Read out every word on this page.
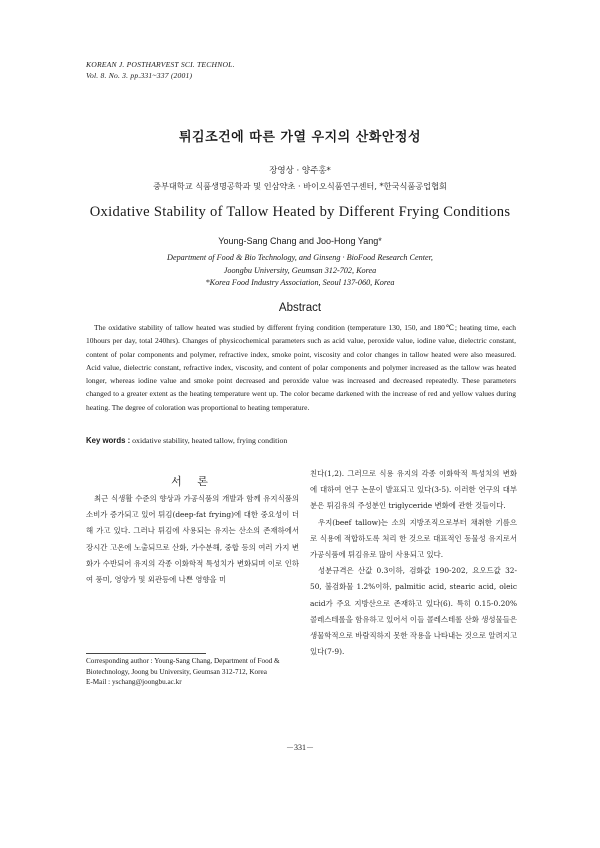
KOREAN J. POSTHARVEST SCI. TECHNOL.
Vol. 8. No. 3. pp.331~337 (2001)
튀김조건에 따른 가열 우지의 산화안정성
장영상 · 양주홍*
중부대학교 식품생명공학과 및 인삼약초 · 바이오식품연구센터, *한국식품공업협회
Oxidative Stability of Tallow Heated by Different Frying Conditions
Young-Sang Chang and Joo-Hong Yang*
Department of Food & Bio Technology, and Ginseng · BioFood Research Center,
Joongbu University, Geumsan 312-702, Korea
*Korea Food Industry Association, Seoul 137-060, Korea
Abstract
The oxidative stability of tallow heated was studied by different frying condition (temperature 130, 150, and 180℃; heating time, each 10hours per day, total 240hrs). Changes of physicochemical parameters such as acid value, peroxide value, iodine value, dielectric constant, content of polar components and polymer, refractive index, smoke point, viscosity and color changes in tallow heated were also measured. Acid value, dielectric constant, refractive index, viscosity, and content of polar components and polymer increased as the tallow was heated longer, whereas iodine value and smoke point decreased and peroxide value was increased and decreased repeatedly. These parameters changed to a greater extent as the heating temperature went up. The color became darkened with the increase of red and yellow values during heating. The degree of coloration was proportional to heating temperature.
Key words : oxidative stability, heated tallow, frying condition
서 론

최근 식생활 수준의 향상과 가공식품의 개발과 함께 유지식품의 소비가 증가되고 있어 튀김(deep-fat frying)에 대한 중요성이 더 해 가고 있다. 그러나 튀김에 사용되는 유지는 산소의 존재하에서 장시간 고온에 노출되므로 산화, 가수분해, 중합 등의 여러 가지 변화가 수반되어 유지의 각종 이화학적 특성치가 변화되며 이로 인하여 풍미, 영양가 및 외관등에 나쁜 영향을 미

친다(1,2). 그러므로 식용 유지의 각종 이화학적 특성치의 변화에 대하여 연구 논문이 발표되고 있다(3-5). 이러한 연구의 대부분은 튀김유의 주성분인 triglyceride 변화에 관한 것들이다.

우지(beef tallow)는 소의 지방조직으로부터 채취한 기름으로 식용에 적합하도록 처리 한 것으로 대표적인 동물성 유지로서 가공식품에 튀김유로 많이 사용되고 있다.

성분규격은 산값 0.3이하, 검화값 190-202, 요오드값 32-50, 불검화물 1.2%이하, palmitic acid, stearic acid, oleic acid가 주요 지방산으로 존재하고 있다(6). 특히 0.15-0.20% 콜레스테롤을 함유하고 있어서 이들 콜레스테롤 산화 생성물들은 생물학적으로 바람직하지 못한 작용을 나타내는 것으로 알려지고 있다(7-9).

Corresponding author : Young-Sang Chang, Department of Food & Biotechnology, Joong bu University, Geumsan 312-712, Korea
E-Mail : yschang@joongbu.ac.kr
－331－
